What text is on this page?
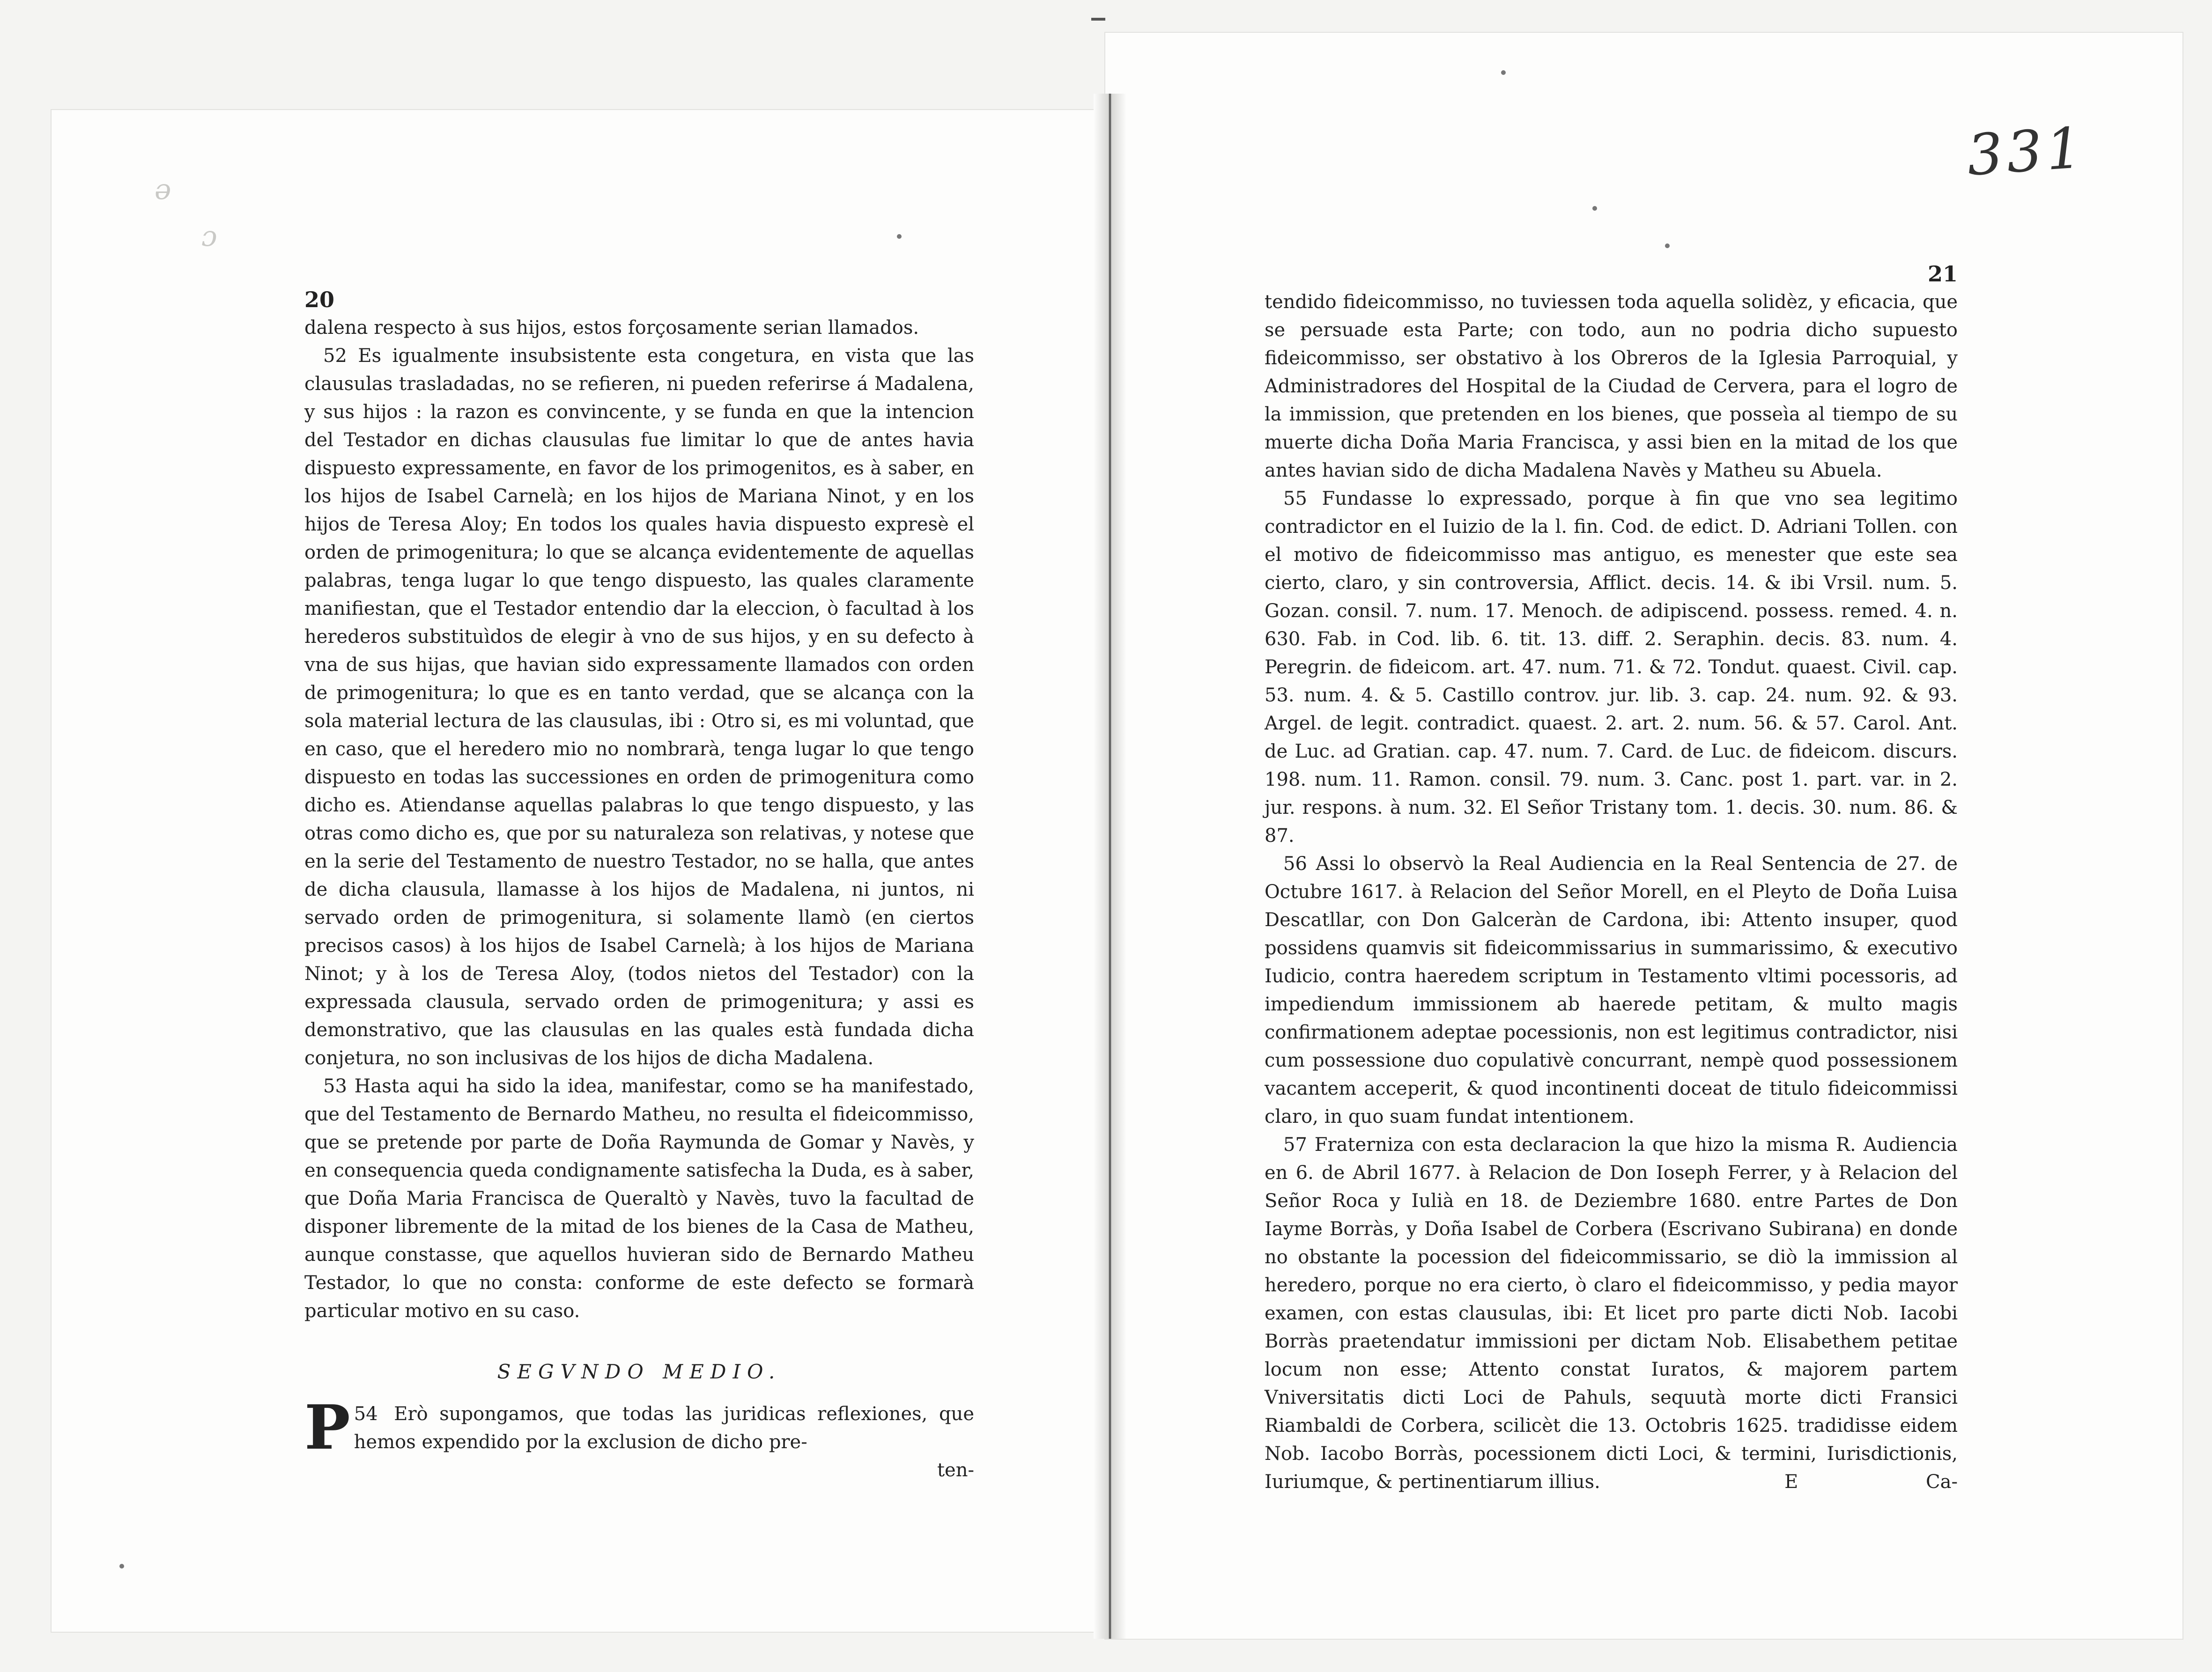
ə
ɔ
331
20

dalena respecto à sus hijos, estos forçosamente serian llamados.

52 Es igualmente insubsistente esta congetura, en vista que las clausulas trasladadas, no se refieren, ni pueden referirse á Madalena, y sus hijos : la razon es convincente, y se funda en que la intencion del Testador en dichas clausulas fue limitar lo que de antes havia dispuesto expressamente, en favor de los primogenitos, es à saber, en los hijos de Isabel Carnelà; en los hijos de Mariana Ninot, y en los hijos de Teresa Aloy; En todos los quales havia dispuesto expresè el orden de primogenitura; lo que se alcança evidentemente de aquellas palabras, tenga lugar lo que tengo dispuesto, las quales claramente manifiestan, que el Testador entendio dar la eleccion, ò facultad à los herederos substituìdos de elegir à vno de sus hijos, y en su defecto à vna de sus hijas, que havian sido expressamente llamados con orden de primogenitura; lo que es en tanto verdad, que se alcança con la sola material lectura de las clausulas, ibi : Otro si, es mi voluntad, que en caso, que el heredero mio no nombrarà, tenga lugar lo que tengo dispuesto en todas las successiones en orden de primogenitura como dicho es. Atiendanse aquellas palabras lo que tengo dispuesto, y las otras como dicho es, que por su naturaleza son relativas, y notese que en la serie del Testamento de nuestro Testador, no se halla, que antes de dicha clausula, llamasse à los hijos de Madalena, ni juntos, ni servado orden de primogenitura, si solamente llamò (en ciertos precisos casos) à los hijos de Isabel Carnelà; à los hijos de Mariana Ninot; y à los de Teresa Aloy, (todos nietos del Testador) con la expressada clausula, servado orden de primogenitura; y assi es demonstrativo, que las clausulas en las quales està fundada dicha conjetura, no son inclusivas de los hijos de dicha Madalena.

53 Hasta aqui ha sido la idea, manifestar, como se ha manifestado, que del Testamento de Bernardo Matheu, no resulta el fideicommisso, que se pretende por parte de Doña Raymunda de Gomar y Navès, y en consequencia queda condignamente satisfecha la Duda, es à saber, que Doña Maria Francisca de Queraltò y Navès, tuvo la facultad de disponer libremente de la mitad de los bienes de la Casa de Matheu, aunque constasse, que aquellos huvieran sido de Bernardo Matheu Testador, lo que no consta: conforme de este defecto se formarà particular motivo en su caso.

SEGVNDO MEDIO.

54
P Erò supongamos, que todas las juridicas reflexiones, que hemos expendido por la exclusion de dicho pre-

ten-
21

tendido fideicommisso, no tuviessen toda aquella solidèz, y eficacia, que se persuade esta Parte; con todo, aun no podria dicho supuesto fideicommisso, ser obstativo à los Obreros de la Iglesia Parroquial, y Administradores del Hospital de la Ciudad de Cervera, para el logro de la immission, que pretenden en los bienes, que posseìa al tiempo de su muerte dicha Doña Maria Francisca, y assi bien en la mitad de los que antes havian sido de dicha Madalena Navès y Matheu su Abuela.

55 Fundasse lo expressado, porque à fin que vno sea legitimo contradictor en el Iuizio de la l. fin. Cod. de edict. D. Adriani Tollen. con el motivo de fideicommisso mas antiguo, es menester que este sea cierto, claro, y sin controversia, Afflict. decis. 14. & ibi Vrsil. num. 5. Gozan. consil. 7. num. 17. Menoch. de adipiscend. possess. remed. 4. n. 630. Fab. in Cod. lib. 6. tit. 13. diff. 2. Seraphin. decis. 83. num. 4. Peregrin. de fideicom. art. 47. num. 71. & 72. Tondut. quaest. Civil. cap. 53. num. 4. & 5. Castillo controv. jur. lib. 3. cap. 24. num. 92. & 93. Argel. de legit. contradict. quaest. 2. art. 2. num. 56. & 57. Carol. Ant. de Luc. ad Gratian. cap. 47. num. 7. Card. de Luc. de fideicom. discurs. 198. num. 11. Ramon. consil. 79. num. 3. Canc. post 1. part. var. in 2. jur. respons. à num. 32. El Señor Tristany tom. 1. decis. 30. num. 86. & 87.

56 Assi lo observò la Real Audiencia en la Real Sentencia de 27. de Octubre 1617. à Relacion del Señor Morell, en el Pleyto de Doña Luisa Descatllar, con Don Galceràn de Cardona, ibi: Attento insuper, quod possidens quamvis sit fideicommissarius in summarissimo, & executivo Iudicio, contra haeredem scriptum in Testamento vltimi pocessoris, ad impediendum immissionem ab haerede petitam, & multo magis confirmationem adeptae pocessionis, non est legitimus contradictor, nisi cum possessione duo copulativè concurrant, nempè quod possessionem vacantem acceperit, & quod incontinenti doceat de titulo fideicommissi claro, in quo suam fundat intentionem.

57 Fraterniza con esta declaracion la que hizo la misma R. Audiencia en 6. de Abril 1677. à Relacion de Don Ioseph Ferrer, y à Relacion del Señor Roca y Iulià en 18. de Deziembre 1680. entre Partes de Don Iayme Borràs, y Doña Isabel de Corbera (Escrivano Subirana) en donde no obstante la pocession del fideicommissario, se diò la immission al heredero, porque no era cierto, ò claro el fideicommisso, y pedia mayor examen, con estas clausulas, ibi: Et licet pro parte dicti Nob. Iacobi Borràs praetendatur immissioni per dictam Nob. Elisabethem petitae locum non esse; Attento constat Iuratos, & majorem partem Vniversitatis dicti Loci de Pahuls, sequutà morte dicti Fransici Riambaldi de Corbera, scilicèt die 13. Octobris 1625. tradidisse eidem Nob. Iacobo Borràs, pocessionem dicti Loci, & termini, Iurisdictionis, Iuriumque, & pertinentiarum illius.	E	Ca-
